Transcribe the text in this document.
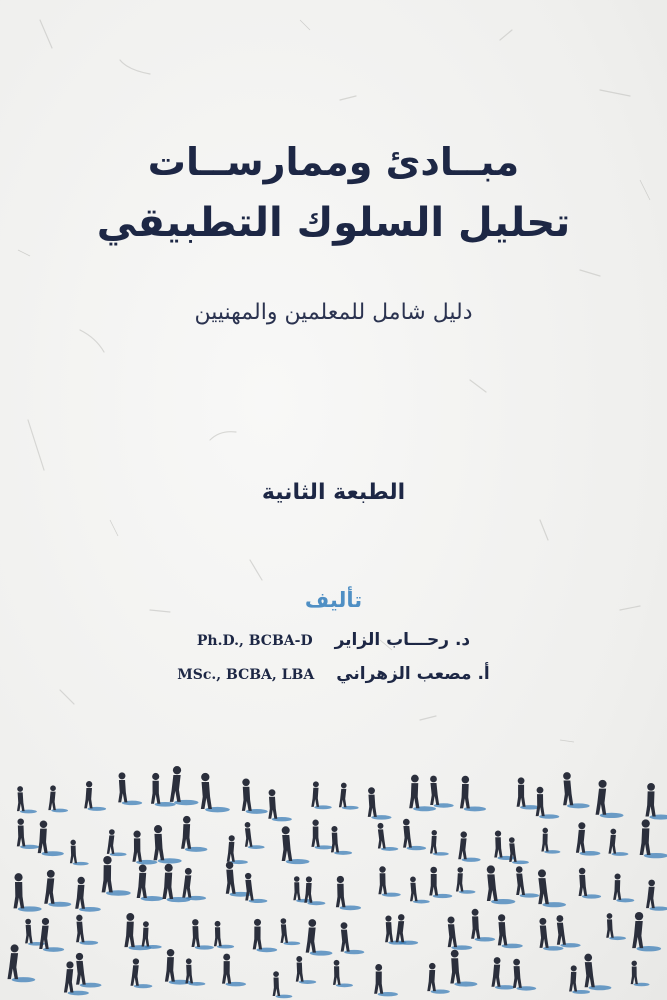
مبــادئ وممارســات
تحليل السلوك التطبيقي

دليل شامل للمعلمين والمهنيين

الطبعة الثانية

تأليف

Ph.D., BCBA-D د. رحـــاب الزاير
MSc., BCBA, LBA أ. مصعب الزهراني
